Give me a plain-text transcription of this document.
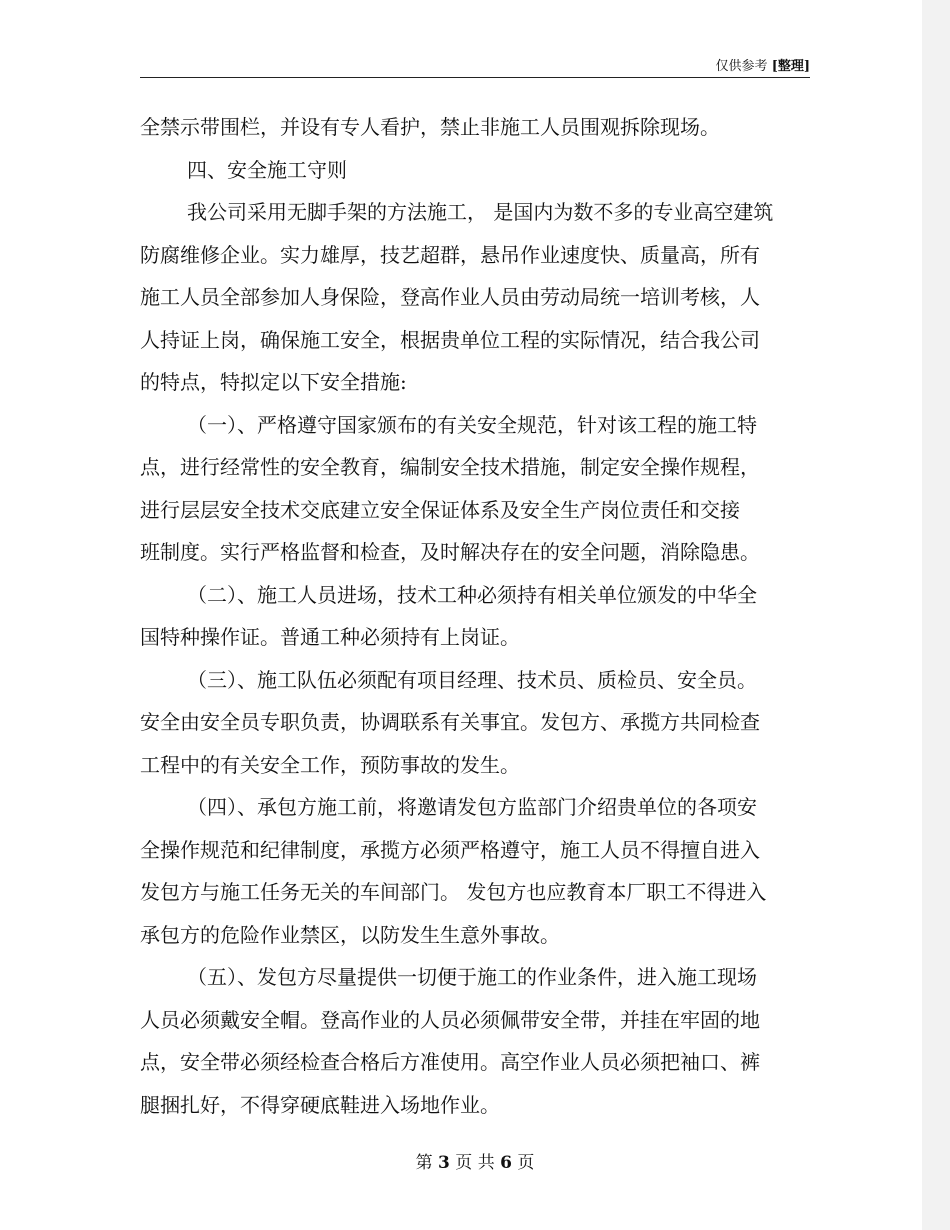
仅供参考 [整理]
全禁示带围栏，并设有专人看护，禁止非施工人员围观拆除现场。
四、安全施工守则
我公司采用无脚手架的方法施工， 是国内为数不多的专业高空建筑
防腐维修企业。实力雄厚，技艺超群，悬吊作业速度快、质量高，所有
施工人员全部参加人身保险，登高作业人员由劳动局统一培训考核，人
人持证上岗，确保施工安全，根据贵单位工程的实际情况，结合我公司
的特点，特拟定以下安全措施:
（一）、严格遵守国家颁布的有关安全规范，针对该工程的施工特
点，进行经常性的安全教育，编制安全技术措施，制定安全操作规程，
进行层层安全技术交底建立安全保证体系及安全生产岗位责任和交接
班制度。实行严格监督和检查，及时解决存在的安全问题，消除隐患。
（二）、施工人员进场，技术工种必须持有相关单位颁发的中华全
国特种操作证。普通工种必须持有上岗证。
（三）、施工队伍必须配有项目经理、技术员、质检员、安全员。
安全由安全员专职负责，协调联系有关事宜。发包方、承揽方共同检查
工程中的有关安全工作，预防事故的发生。
（四）、承包方施工前，将邀请发包方监部门介绍贵单位的各项安
全操作规范和纪律制度，承揽方必须严格遵守，施工人员不得擅自进入
发包方与施工任务无关的车间部门。 发包方也应教育本厂职工不得进入
承包方的危险作业禁区，以防发生生意外事故。
（五）、发包方尽量提供一切便于施工的作业条件，进入施工现场
人员必须戴安全帽。登高作业的人员必须佩带安全带，并挂在牢固的地
点，安全带必须经检查合格后方准使用。高空作业人员必须把袖口、裤
腿捆扎好，不得穿硬底鞋进入场地作业。
第 3 页 共 6 页
